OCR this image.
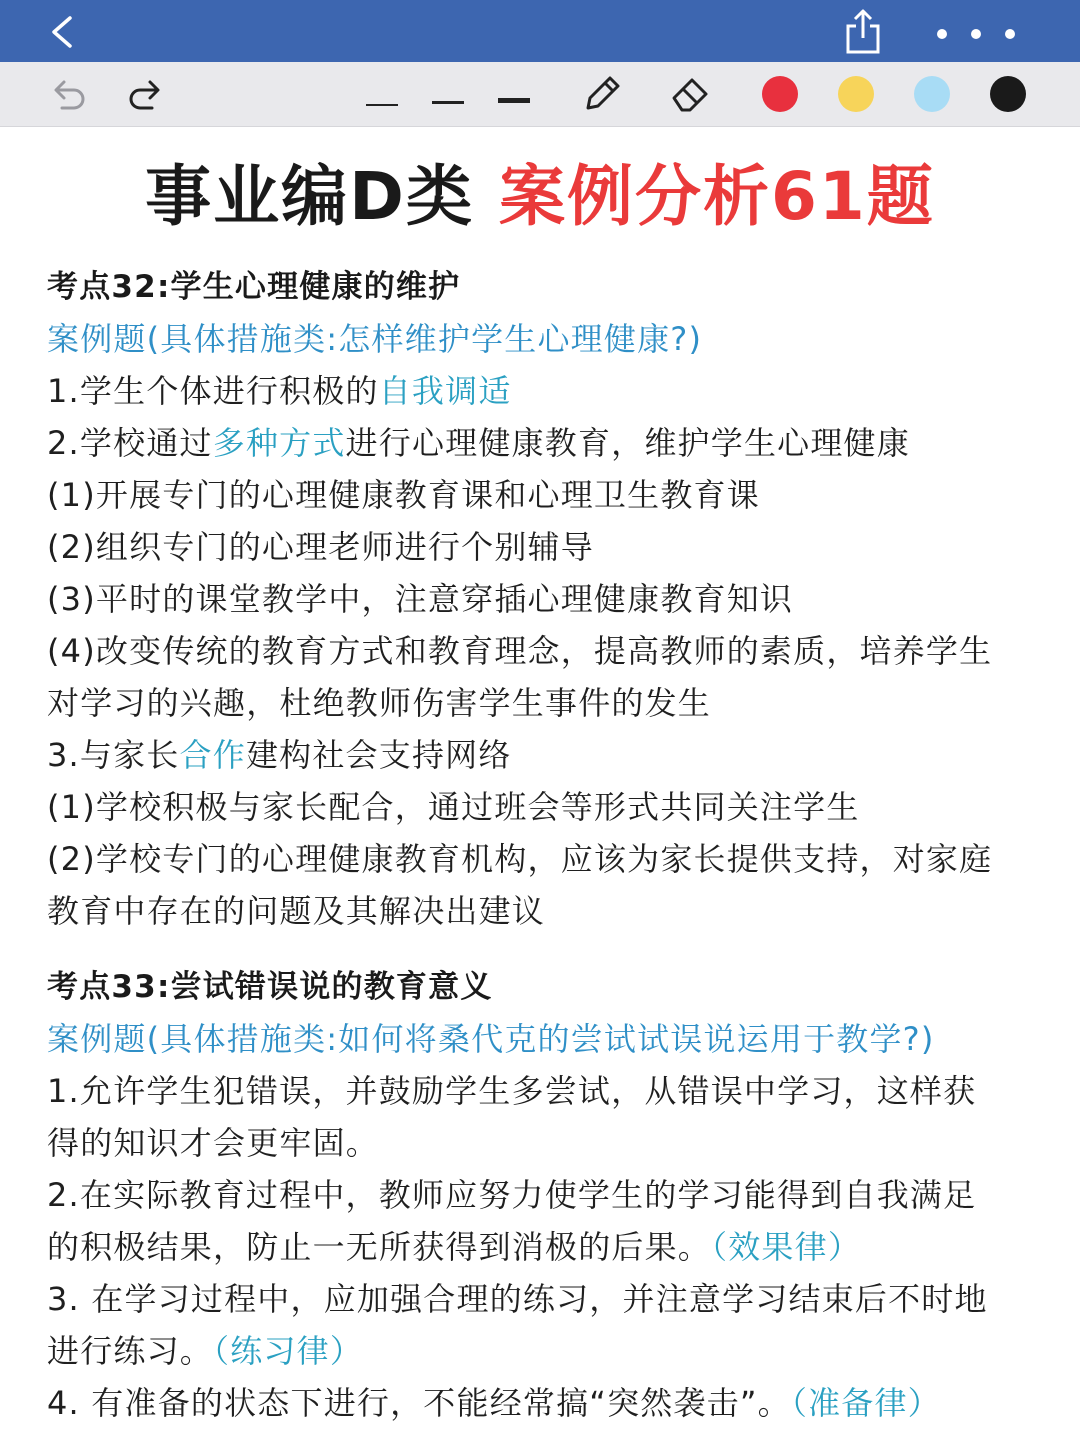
事业编D类 案例分析61题
考点32:学生心理健康的维护
案例题(具体措施类:怎样维护学生心理健康?)
1.学生个体进行积极的自我调适
2.学校通过多种方式进行心理健康教育，维护学生心理健康
(1)开展专门的心理健康教育课和心理卫生教育课
(2)组织专门的心理老师进行个别辅导
(3)平时的课堂教学中，注意穿插心理健康教育知识
(4)改变传统的教育方式和教育理念，提高教师的素质，培养学生
对学习的兴趣，杜绝教师伤害学生事件的发生
3.与家长合作建构社会支持网络
(1)学校积极与家长配合，通过班会等形式共同关注学生
(2)学校专门的心理健康教育机构，应该为家长提供支持，对家庭
教育中存在的问题及其解决出建议
考点33:尝试错误说的教育意义
案例题(具体措施类:如何将桑代克的尝试试误说运用于教学?)
1.允许学生犯错误，并鼓励学生多尝试，从错误中学习，这样获
得的知识才会更牢固。
2.在实际教育过程中，教师应努力使学生的学习能得到自我满足
的积极结果，防止一无所获得到消极的后果。（效果律）
3. 在学习过程中，应加强合理的练习，并注意学习结束后不时地
进行练习。（练习律）
4. 有准备的状态下进行，不能经常搞“突然袭击”。（准备律）
